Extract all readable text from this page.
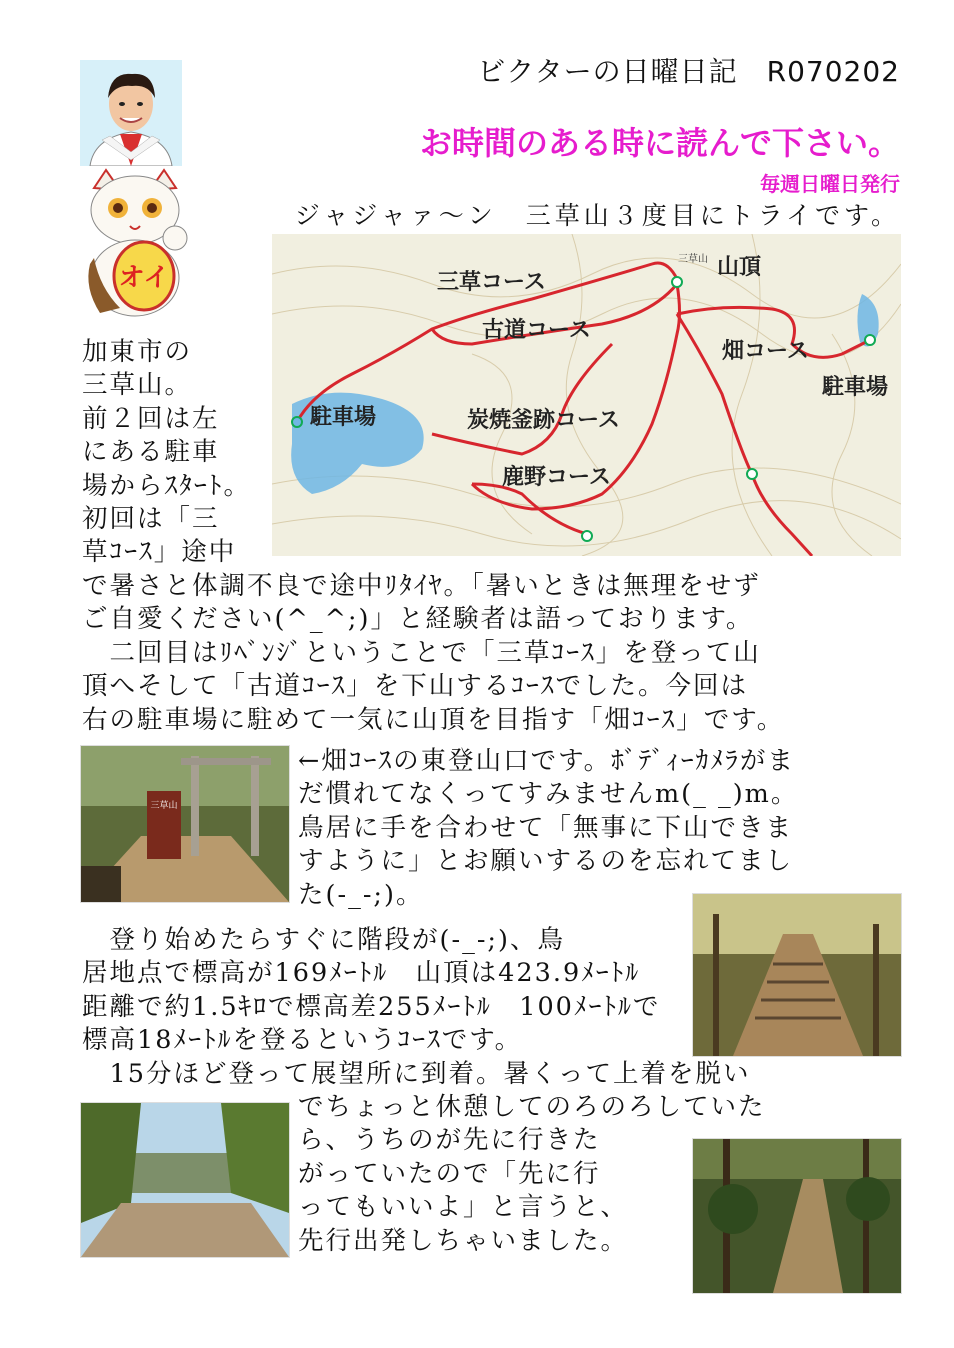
ビクターの日曜日記　R070202
お時間のある時に読んで下さい。
毎週日曜日発行
オイ
ジャジャァ〜ン　三草山３度目にトライです。
三草山 山頂
三草コース
古道コース
畑コース
駐車場
駐車場	炭焼釜跡コース
鹿野コース

加東市の

三草山。

前２回は左

にある駐車

場からｽﾀｰﾄ。

初回は「三

草ｺｰｽ」途中

で暑さと体調不良で途中ﾘﾀｲﾔ。「暑いときは無理をせず

ご自愛ください(^_^;)」と経験者は語っております。

　二回目はﾘﾍﾞﾝｼﾞということで「三草ｺｰｽ」を登って山

頂へそして「古道ｺｰｽ」を下山するｺｰｽでした。今回は

右の駐車場に駐めて一気に山頂を目指す「畑ｺｰｽ」です。

三草山

←畑ｺｰｽの東登山口です。ﾎﾞﾃﾞｨｰｶﾒﾗがま

だ慣れてなくってすみませんm(_ _)m。

鳥居に手を合わせて「無事に下山できま

すように」とお願いするのを忘れてまし

た(-_-;)。

　登り始めたらすぐに階段が(-_-;)、鳥

居地点で標高が169ﾒｰﾄﾙ　山頂は423.9ﾒｰﾄﾙ

距離で約1.5ｷﾛで標高差255ﾒｰﾄﾙ　100ﾒｰﾄﾙで

標高18ﾒｰﾄﾙを登るというｺｰｽです。

　15分ほど登って展望所に到着。暑くって上着を脱い

でちょっと休憩してのろのろしていた

ら、うちのが先に行きた

がっていたので「先に行

ってもいいよ」と言うと、

先行出発しちゃいました。
